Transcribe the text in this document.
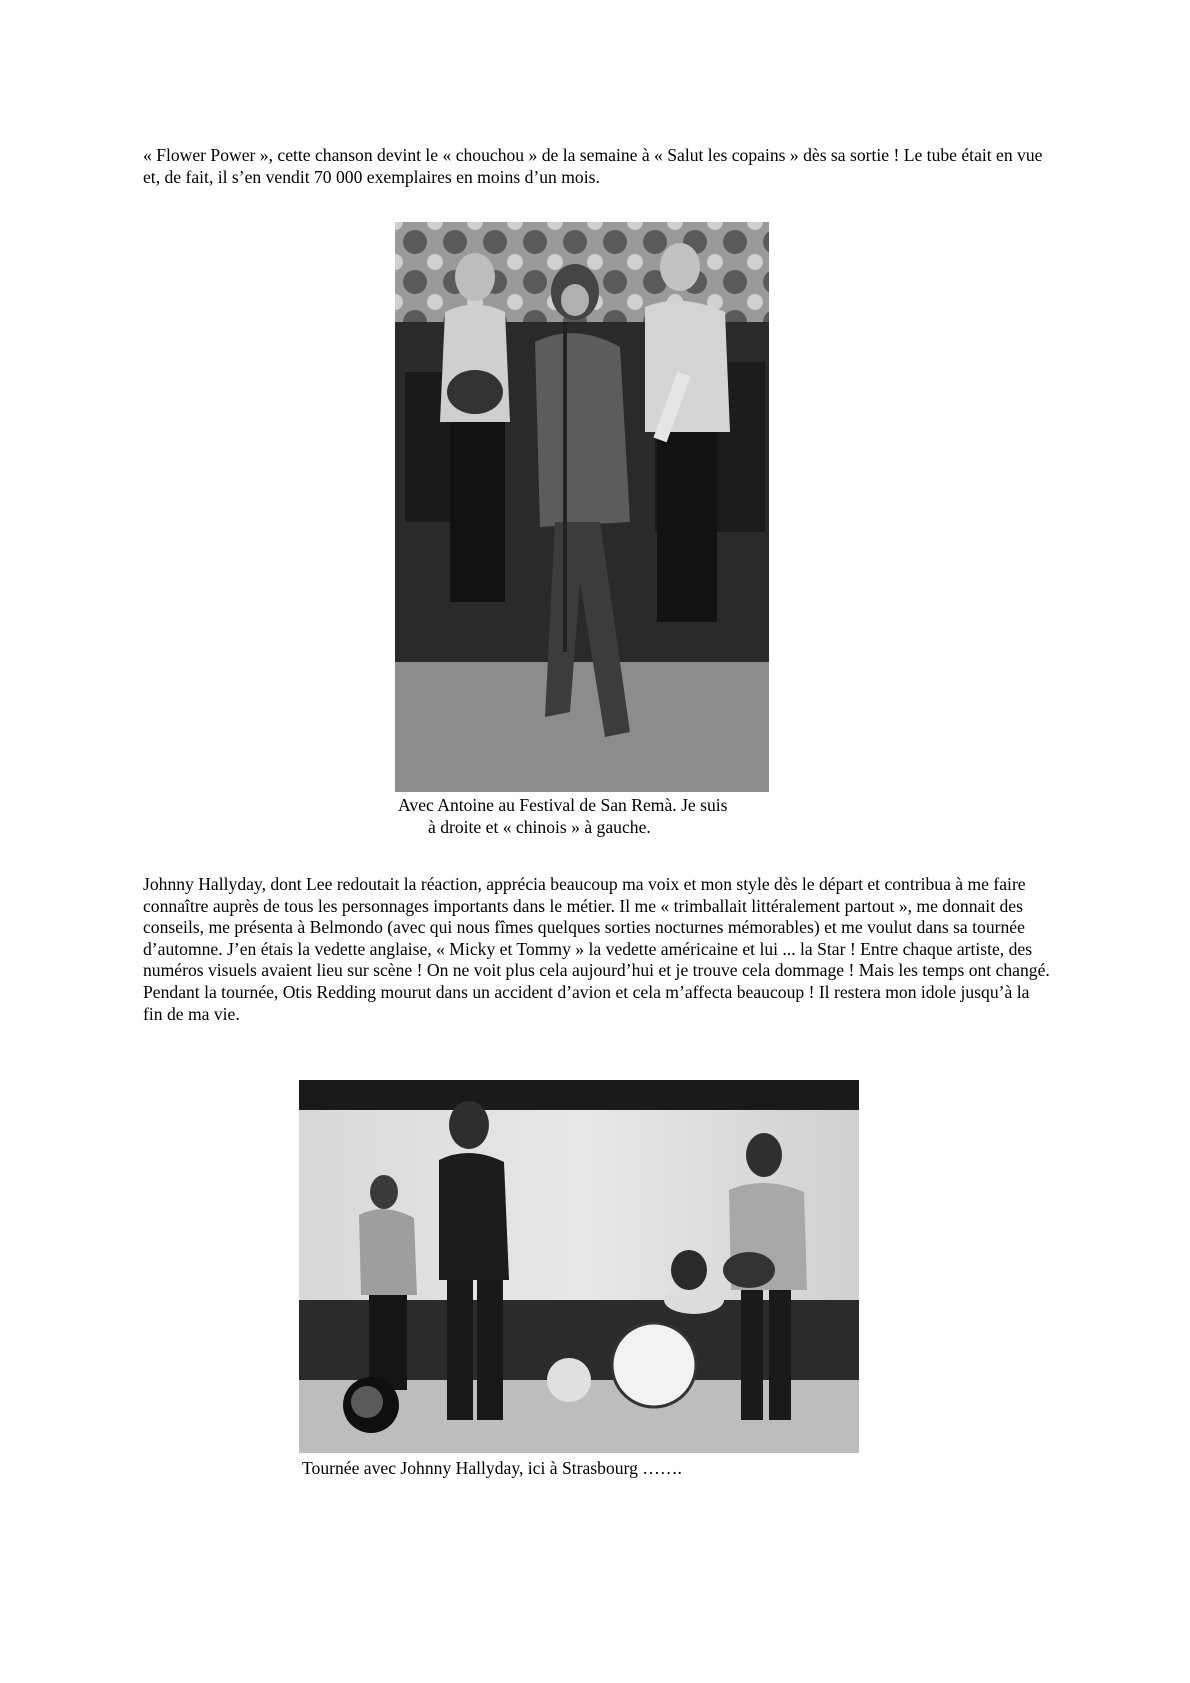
« Flower Power », cette chanson devint le « chouchou » de la semaine à « Salut les copains » dès sa sortie ! Le tube était en vue et, de fait, il s’en vendit 70 000 exemplaires en moins d’un mois.

Avec Antoine au Festival de San Remà. Je suis
à droite et « chinois » à gauche.

Johnny Hallyday, dont Lee redoutait la réaction, apprécia beaucoup ma voix et mon style dès le départ et contribua à me faire connaître auprès de tous les personnages importants dans le métier. Il me « trimballait littéralement partout », me donnait des conseils, me présenta à Belmondo (avec qui nous fîmes quelques sorties nocturnes mémorables) et me voulut dans sa tournée d’automne. J’en étais la vedette anglaise, « Micky et Tommy » la vedette américaine et lui ... la Star ! Entre chaque artiste, des numéros visuels avaient lieu sur scène ! On ne voit plus cela aujourd’hui et je trouve cela dommage ! Mais les temps ont changé. Pendant la tournée, Otis Redding mourut dans un accident d’avion et cela m’affecta beaucoup ! Il restera mon idole jusqu’à la fin de ma vie.

Tournée avec Johnny Hallyday, ici à Strasbourg …….
